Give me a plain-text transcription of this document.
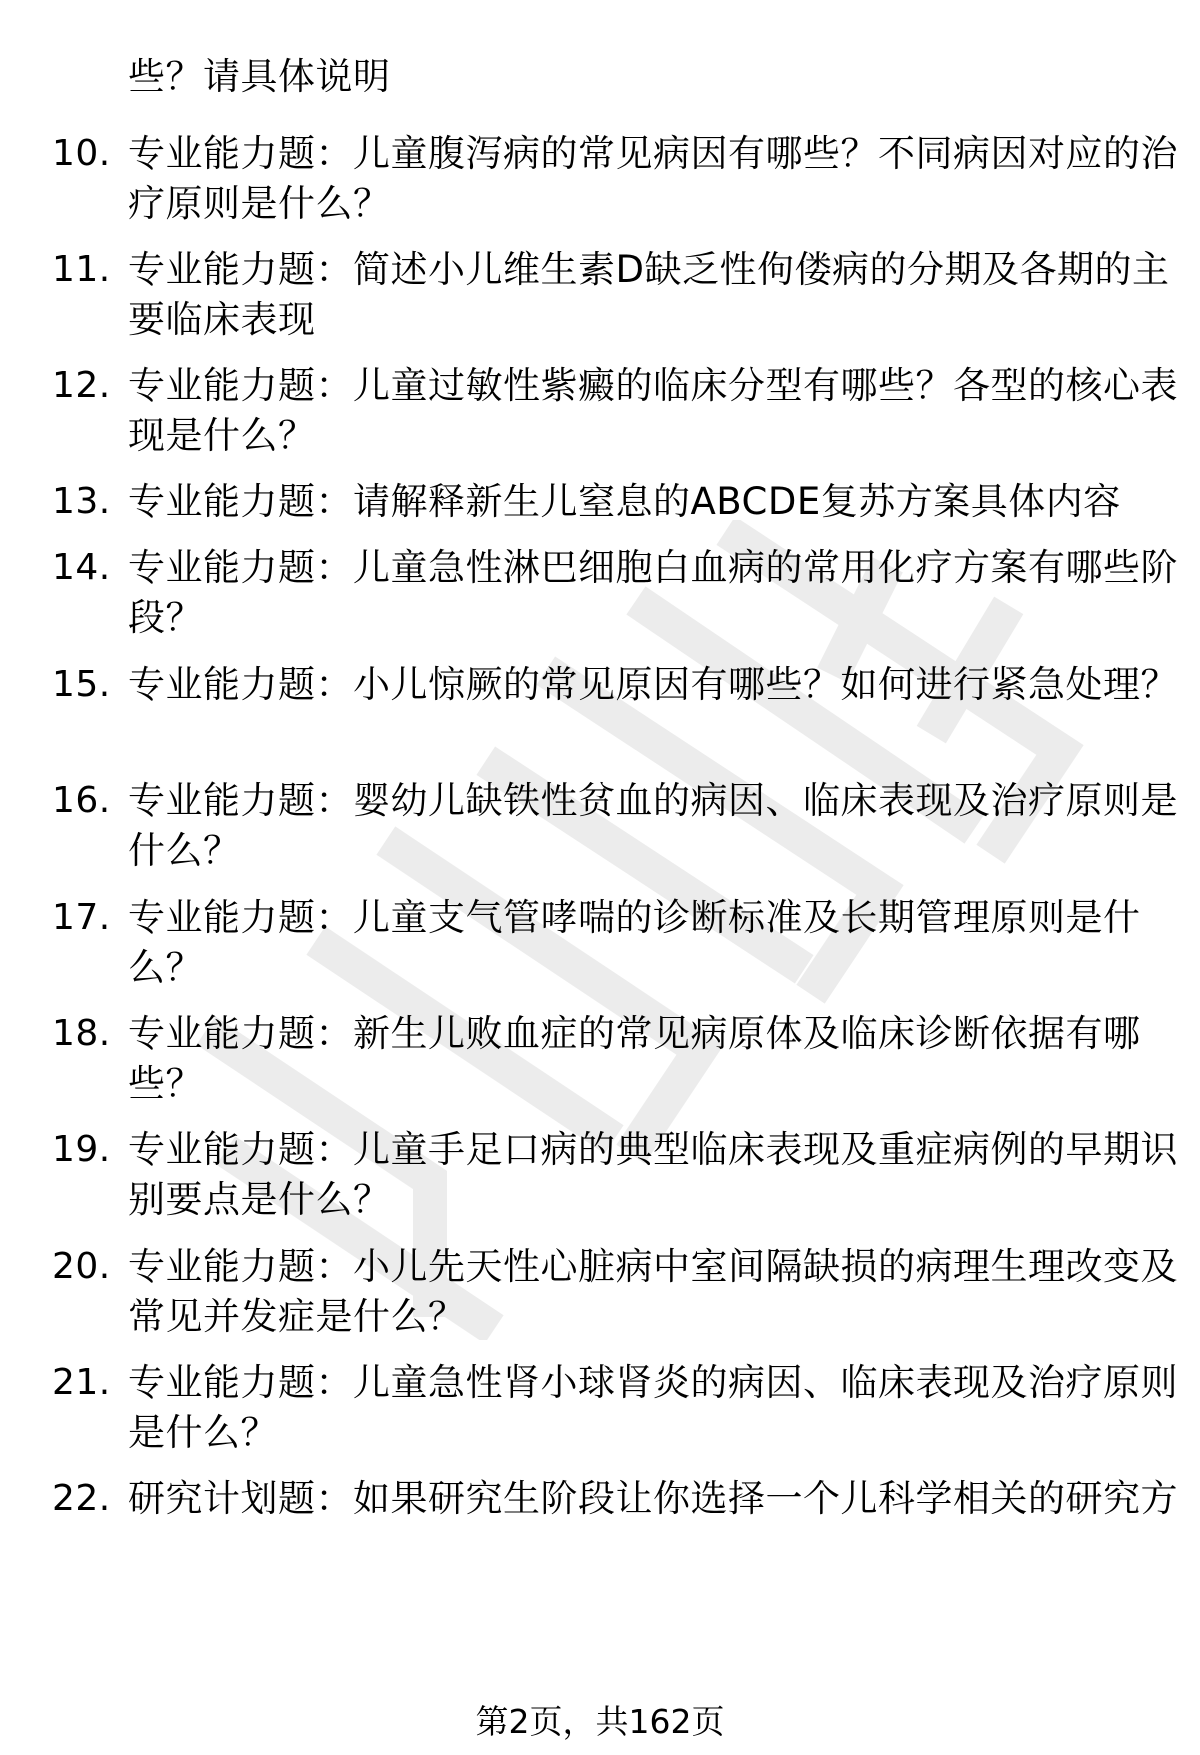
些？请具体说明
10. 专业能力题：儿童腹泻病的常见病因有哪些？不同病因对应的治
疗原则是什么？
11. 专业能力题：简述小儿维生素D缺乏性佝偻病的分期及各期的主
要临床表现
12. 专业能力题：儿童过敏性紫癜的临床分型有哪些？各型的核心表
现是什么？
13. 专业能力题：请解释新生儿窒息的ABCDE复苏方案具体内容
14. 专业能力题：儿童急性淋巴细胞白血病的常用化疗方案有哪些阶
段？
15. 专业能力题：小儿惊厥的常见原因有哪些？如何进行紧急处理？
16. 专业能力题：婴幼儿缺铁性贫血的病因、临床表现及治疗原则是
什么？
17. 专业能力题：儿童支气管哮喘的诊断标准及长期管理原则是什
么？
18. 专业能力题：新生儿败血症的常见病原体及临床诊断依据有哪
些？
19. 专业能力题：儿童手足口病的典型临床表现及重症病例的早期识
别要点是什么？
20. 专业能力题：小儿先天性心脏病中室间隔缺损的病理生理改变及
常见并发症是什么？
21. 专业能力题：儿童急性肾小球肾炎的病因、临床表现及治疗原则
是什么？
22. 研究计划题：如果研究生阶段让你选择一个儿科学相关的研究方
第2页，共162页
